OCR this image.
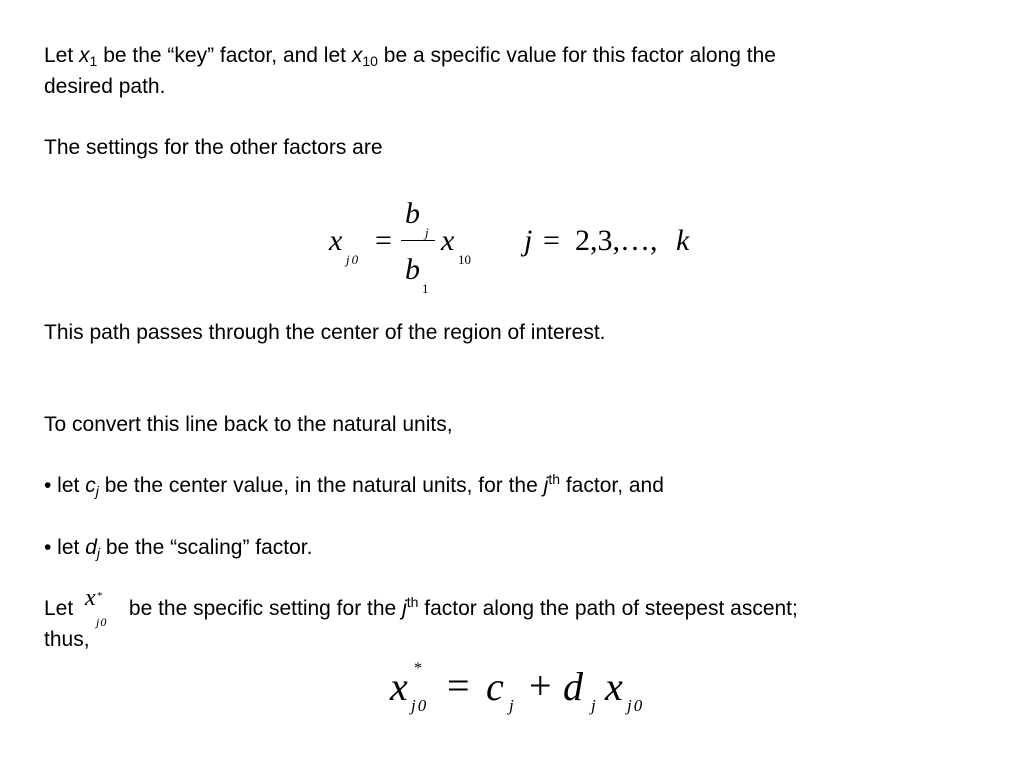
Let $x_1$ be the “key” factor, and let $x_{10}$ be a specific value for this factor along the
desired path.
The settings for the other factors are
x
j0
=
b
j
b
1
x
10
j = 2,3,…, k
This path passes through the center of the region of interest.
To convert this line back to the natural units,
• let $c_j$ be the center value, in the natural units, for the $j^{th}$ factor, and
• let $d_j$ be the “scaling” factor.
Let x *
j0
be the specific setting for the $j^{th}$ factor along the path of steepest ascent;
thus,
x *
j0 = c j + d j x j0
